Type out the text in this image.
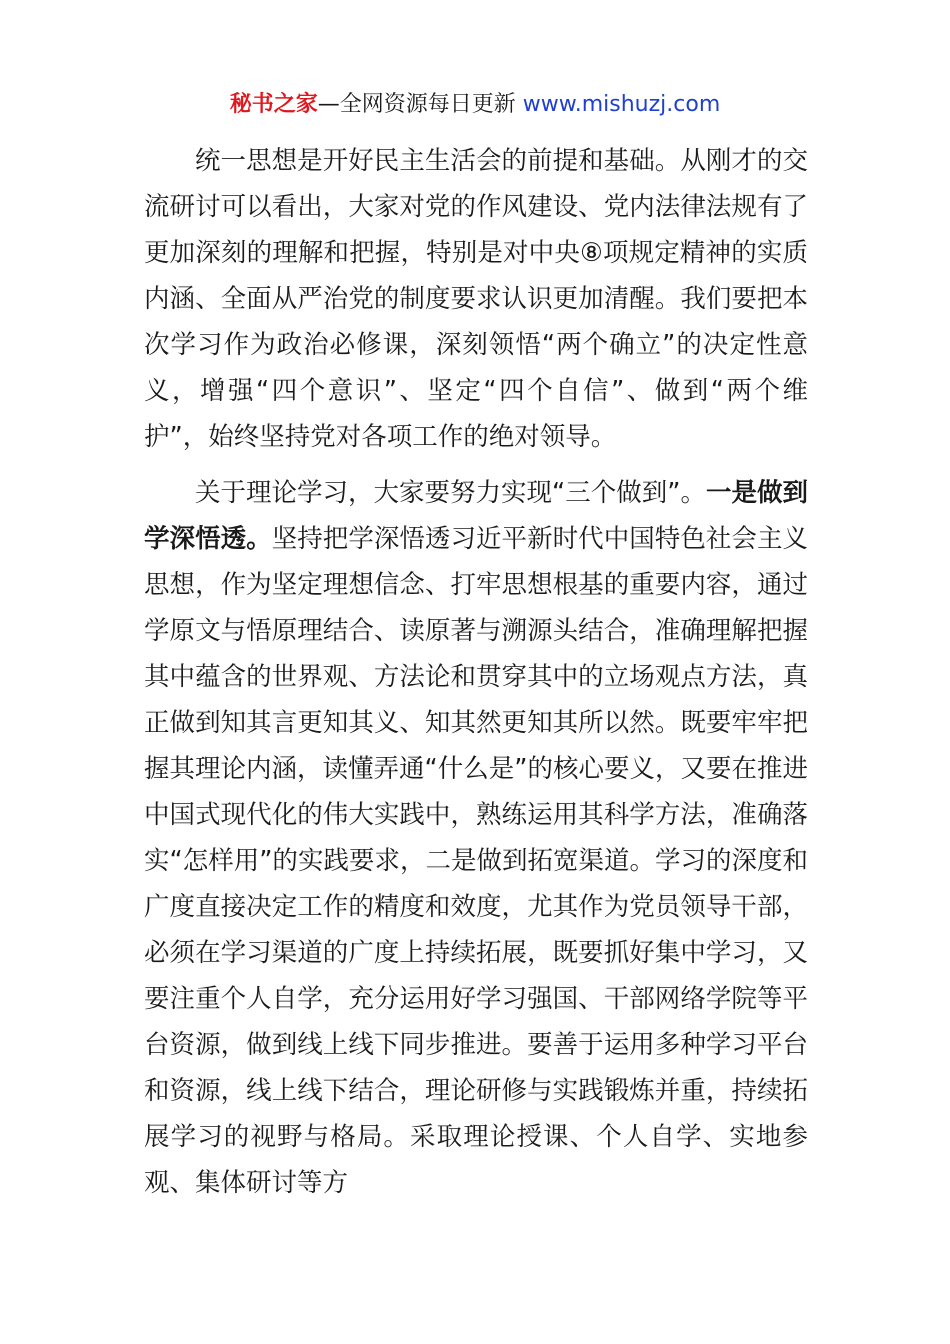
秘书之家—全网资源每日更新 www.mishuzj.com

统一思想是开好民主生活会的前提和基础。从刚才的交流研讨可以看出，大家对党的作风建设、党内法律法规有了更加深刻的理解和把握，特别是对中央⑧项规定精神的实质内涵、全面从严治党的制度要求认识更加清醒。我们要把本次学习作为政治必修课，深刻领悟“两个确立”的决定性意义，增强“四个意识”、坚定“四个自信”、做到“两个维护”，始终坚持党对各项工作的绝对领导。

关于理论学习，大家要努力实现“三个做到”。一是做到学深悟透。坚持把学深悟透习近平新时代中国特色社会主义思想，作为坚定理想信念、打牢思想根基的重要内容，通过学原文与悟原理结合、读原著与溯源头结合，准确理解把握其中蕴含的世界观、方法论和贯穿其中的立场观点方法，真正做到知其言更知其义、知其然更知其所以然。既要牢牢把握其理论内涵，读懂弄通“什么是”的核心要义，又要在推进中国式现代化的伟大实践中，熟练运用其科学方法，准确落实“怎样用”的实践要求，二是做到拓宽渠道。学习的深度和广度直接决定工作的精度和效度，尤其作为党员领导干部，必须在学习渠道的广度上持续拓展，既要抓好集中学习，又要注重个人自学，充分运用好学习强国、干部网络学院等平台资源，做到线上线下同步推进。要善于运用多种学习平台和资源，线上线下结合，理论研修与实践锻炼并重，持续拓展学习的视野与格局。采取理论授课、个人自学、实地参观、集体研讨等方
